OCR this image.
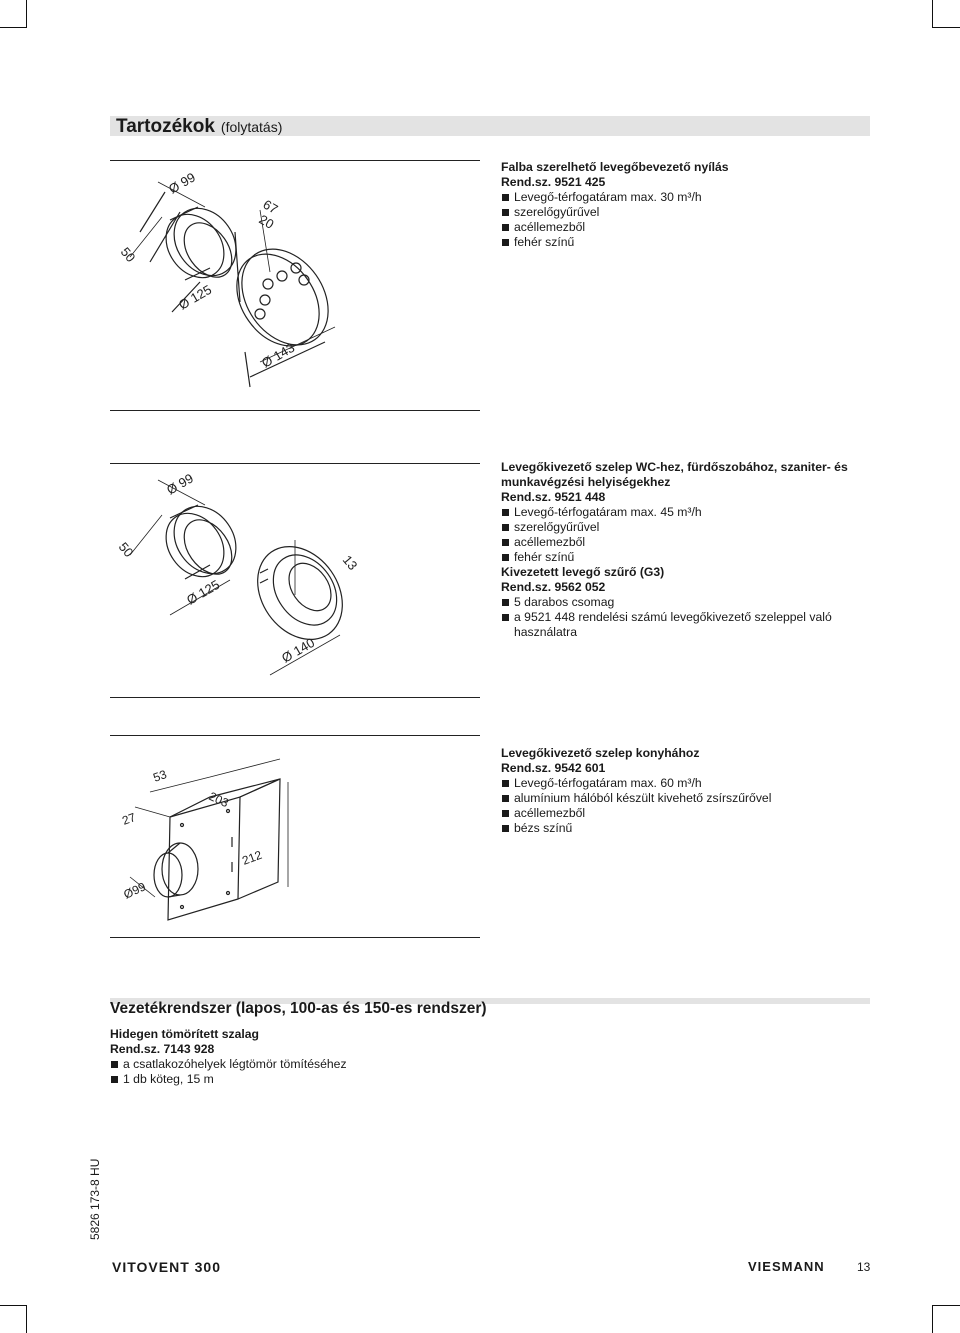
Tartozékok (folytatás)
Ø 99
67
20
50
Ø 125
Ø 143
Falba szerelhető levegőbevezető nyílás
Rend.sz. 9521 425
Levegő-térfogatáram max. 30 m³/h
szerelőgyűrűvel
acéllemezből
fehér színű
Ø 99
50
Ø 125
13
Ø 140
Levegőkivezető szelep WC-hez, fürdőszobához, szaniter- és munkavégzési helyiségekhez
Rend.sz. 9521 448
Levegő-térfogatáram max. 45 m³/h
szerelőgyűrűvel
acéllemezből
fehér színű
Kivezetett levegő szűrő (G3)
Rend.sz. 9562 052
5 darabos csomag
a 9521 448 rendelési számú levegőkivezető szeleppel való használatra
53
203
27
212
Ø99
Levegőkivezető szelep konyhához
Rend.sz. 9542 601
Levegő-térfogatáram max. 60 m³/h
alumínium hálóból készült kivehető zsírszűrővel
acéllemezből
bézs színű
Vezetékrendszer (lapos, 100-as és 150-es rendszer)
Hidegen tömörített szalag
Rend.sz. 7143 928
a csatlakozóhelyek légtömör tömítéséhez
1 db köteg, 15 m
5826 173-8 HU
VITOVENT 300	VIESMANN	13
